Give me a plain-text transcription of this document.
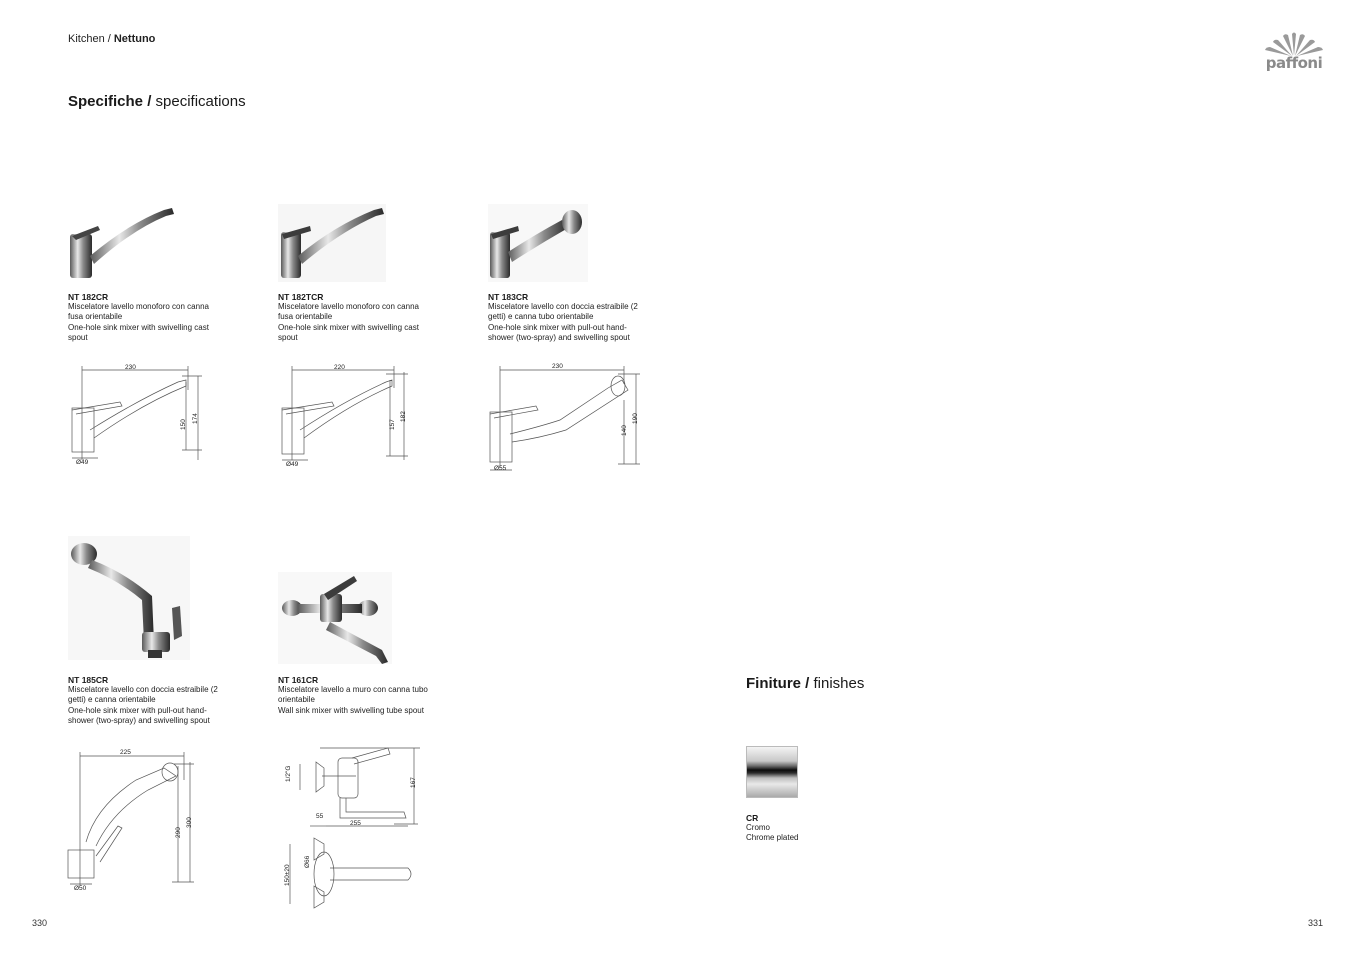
Kitchen / Nettuno
paffoni
Specifiche / specifications
NT 182CR
Miscelatore lavello monoforo con canna fusa orientabile
One-hole sink mixer with swivelling cast spout
NT 182TCR
Miscelatore lavello monoforo con canna fusa orientabile
One-hole sink mixer with swivelling cast spout
NT 183CR
Miscelatore lavello con doccia estraibile (2 getti) e canna tubo orientabile
One-hole sink mixer with pull-out hand-shower (two-spray) and swivelling spout
NT 185CR
Miscelatore lavello con doccia estraibile (2 getti) e canna orientabile
One-hole sink mixer with pull-out hand-shower (two-spray) and swivelling spout
NT 161CR
Miscelatore lavello a muro con canna tubo orientabile
Wall sink mixer with swivelling tube spout
230
150
174
Ø49
220
157
182
Ø49
230
140
190
Ø55
225
290
300
Ø50
1/2"G
167
55
255
Ø66
150±20
Finiture / finishes
CR
Cromo
Chrome plated
330	331
